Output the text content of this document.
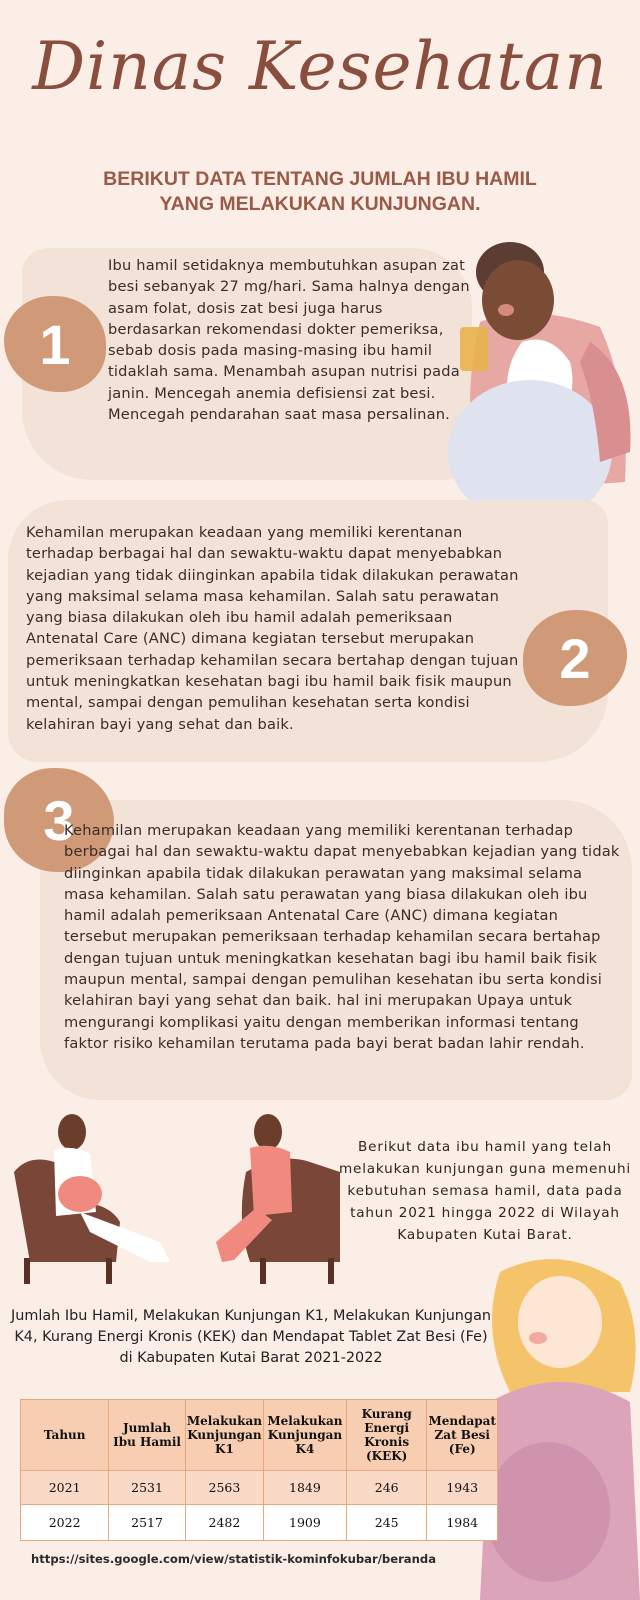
Dinas Kesehatan
BERIKUT DATA TENTANG JUMLAH IBU HAMIL
YANG MELAKUKAN KUNJUNGAN.
1
Ibu hamil setidaknya membutuhkan asupan zat besi sebanyak 27 mg/hari. Sama halnya dengan asam folat, dosis zat besi juga harus berdasarkan rekomendasi dokter pemeriksa, sebab dosis pada masing-masing ibu hamil tidaklah sama. Menambah asupan nutrisi pada janin. Mencegah anemia defisiensi zat besi. Mencegah pendarahan saat masa persalinan.
2
Kehamilan merupakan keadaan yang memiliki kerentanan terhadap berbagai hal dan sewaktu-waktu dapat menyebabkan kejadian yang tidak diinginkan apabila tidak dilakukan perawatan yang maksimal selama masa kehamilan. Salah satu perawatan yang biasa dilakukan oleh ibu hamil adalah pemeriksaan Antenatal Care (ANC) dimana kegiatan tersebut merupakan pemeriksaan terhadap kehamilan secara bertahap dengan tujuan untuk meningkatkan kesehatan bagi ibu hamil baik fisik maupun mental, sampai dengan pemulihan kesehatan serta kondisi kelahiran bayi yang sehat dan baik.
3
Kehamilan merupakan keadaan yang memiliki kerentanan terhadap berbagai hal dan sewaktu-waktu dapat menyebabkan kejadian yang tidak diinginkan apabila tidak dilakukan perawatan yang maksimal selama masa kehamilan. Salah satu perawatan yang biasa dilakukan oleh ibu hamil adalah pemeriksaan Antenatal Care (ANC) dimana kegiatan tersebut merupakan pemeriksaan terhadap kehamilan secara bertahap dengan tujuan untuk meningkatkan kesehatan bagi ibu hamil baik fisik maupun mental, sampai dengan pemulihan kesehatan ibu serta kondisi kelahiran bayi yang sehat dan baik. hal ini merupakan Upaya untuk mengurangi komplikasi yaitu dengan memberikan informasi tentang faktor risiko kehamilan terutama pada bayi berat badan lahir rendah.
Berikut data ibu hamil yang telah melakukan kunjungan guna memenuhi kebutuhan semasa hamil, data pada tahun 2021 hingga 2022 di Wilayah Kabupaten Kutai Barat.
Jumlah Ibu Hamil, Melakukan Kunjungan K1, Melakukan Kunjungan K4, Kurang Energi Kronis (KEK) dan Mendapat Tablet Zat Besi (Fe) di Kabupaten Kutai Barat 2021-2022
Tahun	Jumlah Ibu Hamil	Melakukan Kunjungan K1	Melakukan Kunjungan K4	Kurang Energi Kronis (KEK)	Mendapat Zat Besi (Fe)
2021	2531	2563	1849	246	1943
2022	2517	2482	1909	245	1984
https://sites.google.com/view/statistik-kominfokubar/beranda
